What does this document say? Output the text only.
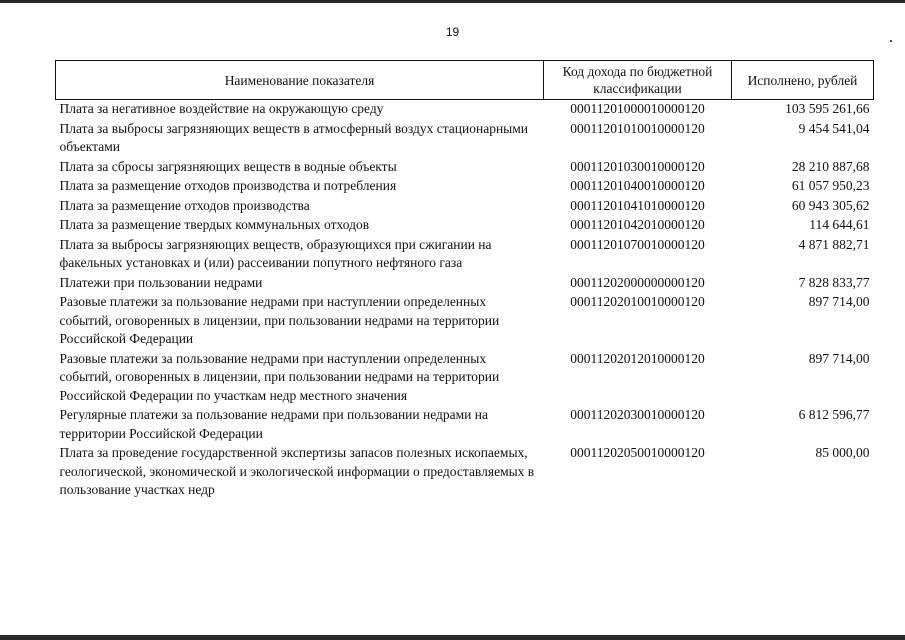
19
Наименование показателя	Код дохода по бюджетной классификации	Исполнено, рублей
Плата за негативное воздействие на окружающую среду	00011201000010000120	103 595 261,66
Плата за выбросы загрязняющих веществ в атмосферный воздух стационарными объектами	00011201010010000120	9 454 541,04
Плата за сбросы загрязняющих веществ в водные объекты	00011201030010000120	28 210 887,68
Плата за размещение отходов производства и потребления	00011201040010000120	61 057 950,23
Плата за размещение отходов производства	00011201041010000120	60 943 305,62
Плата за размещение твердых коммунальных отходов	00011201042010000120	114 644,61
Плата за выбросы загрязняющих веществ, образующихся при сжигании на факельных установках и (или) рассеивании попутного нефтяного газа	00011201070010000120	4 871 882,71
Платежи при пользовании недрами	00011202000000000120	7 828 833,77
Разовые платежи за пользование недрами при наступлении определенных событий, оговоренных в лицензии, при пользовании недрами на территории Российской Федерации	00011202010010000120	897 714,00
Разовые платежи за пользование недрами при наступлении определенных событий, оговоренных в лицензии, при пользовании недрами на территории Российской Федерации по участкам недр местного значения	00011202012010000120	897 714,00
Регулярные платежи за пользование недрами при пользовании недрами на территории Российской Федерации	00011202030010000120	6 812 596,77
Плата за проведение государственной экспертизы запасов полезных ископаемых, геологической, экономической и экологической информации о предоставляемых в пользование участках недр	00011202050010000120	85 000,00
